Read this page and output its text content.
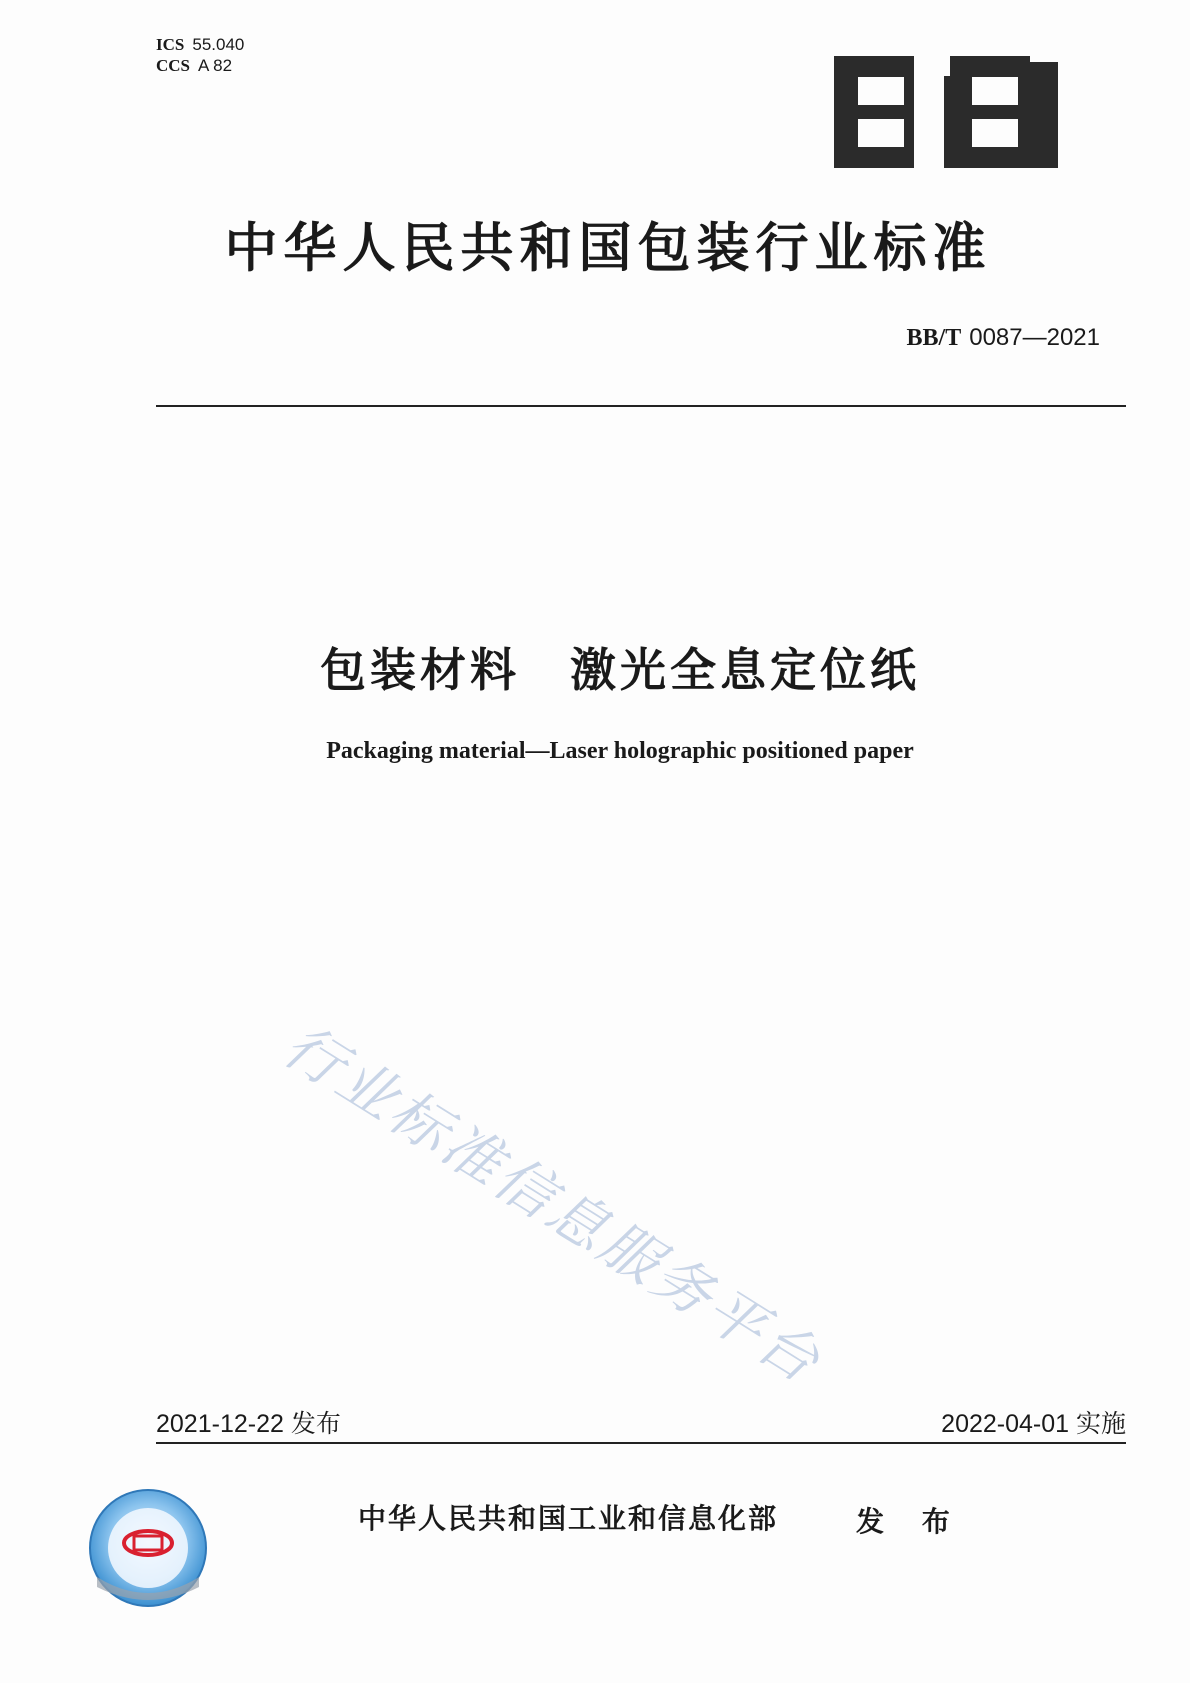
ICS 55.040
CCS A 82
中华人民共和国包装行业标准
BB/T 0087—2021
包装材料　激光全息定位纸
Packaging material—Laser holographic positioned paper
行业标准信息服务平台
2021-12-22 发布	2022-04-01 实施
中华人民共和国工业和信息化部	发 布
